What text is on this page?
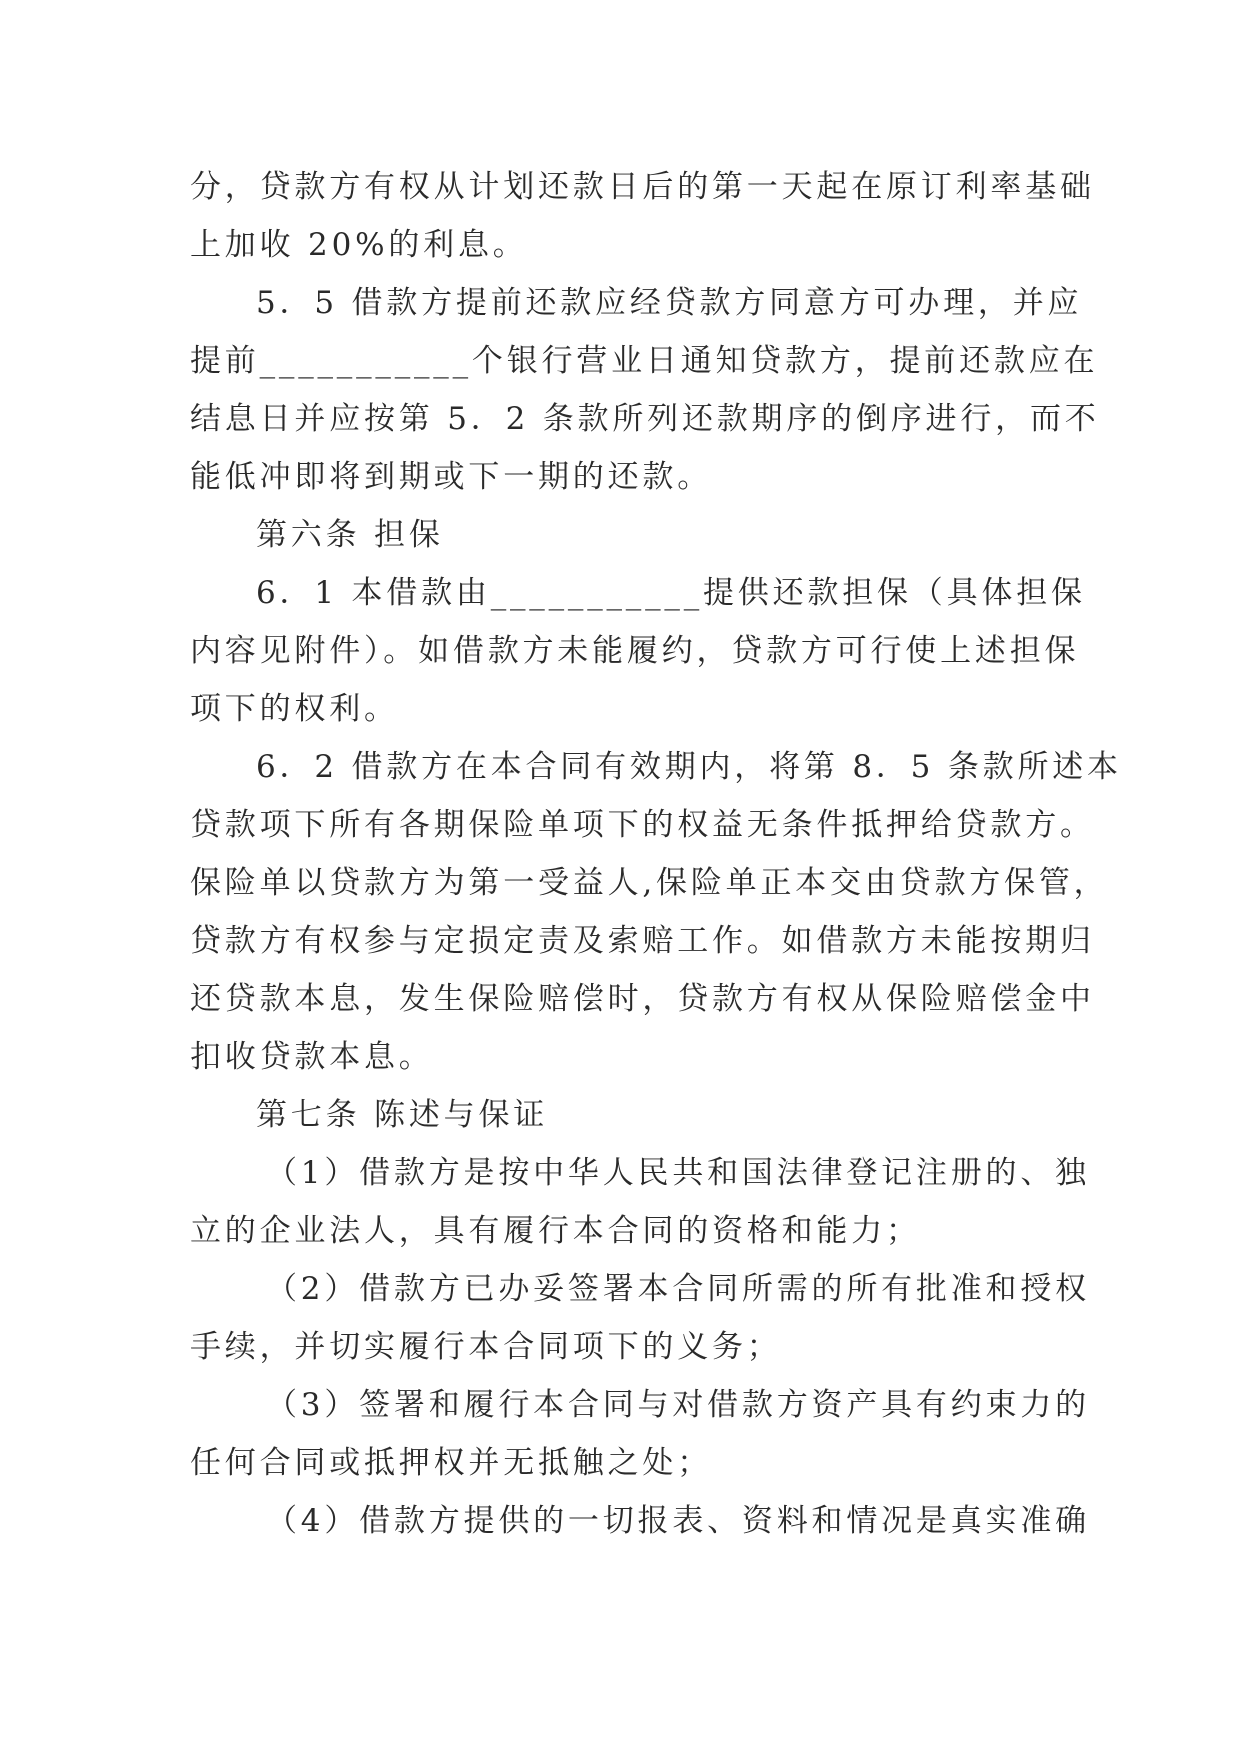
分，贷款方有权从计划还款日后的第一天起在原订利率基础
上加收 20%的利息。
5．5 借款方提前还款应经贷款方同意方可办理，并应
提前___________个银行营业日通知贷款方，提前还款应在
结息日并应按第 5．2 条款所列还款期序的倒序进行，而不
能低冲即将到期或下一期的还款。
第六条 担保
6．1 本借款由___________提供还款担保（具体担保
内容见附件）。如借款方未能履约，贷款方可行使上述担保
项下的权利。
6．2 借款方在本合同有效期内，将第 8．5 条款所述本
贷款项下所有各期保险单项下的权益无条件抵押给贷款方。
保险单以贷款方为第一受益人,保险单正本交由贷款方保管，
贷款方有权参与定损定责及索赔工作。如借款方未能按期归
还贷款本息，发生保险赔偿时，贷款方有权从保险赔偿金中
扣收贷款本息。
第七条 陈述与保证
（1）借款方是按中华人民共和国法律登记注册的、独
立的企业法人，具有履行本合同的资格和能力；
（2）借款方已办妥签署本合同所需的所有批准和授权
手续，并切实履行本合同项下的义务；
（3）签署和履行本合同与对借款方资产具有约束力的
任何合同或抵押权并无抵触之处；
（4）借款方提供的一切报表、资料和情况是真实准确
